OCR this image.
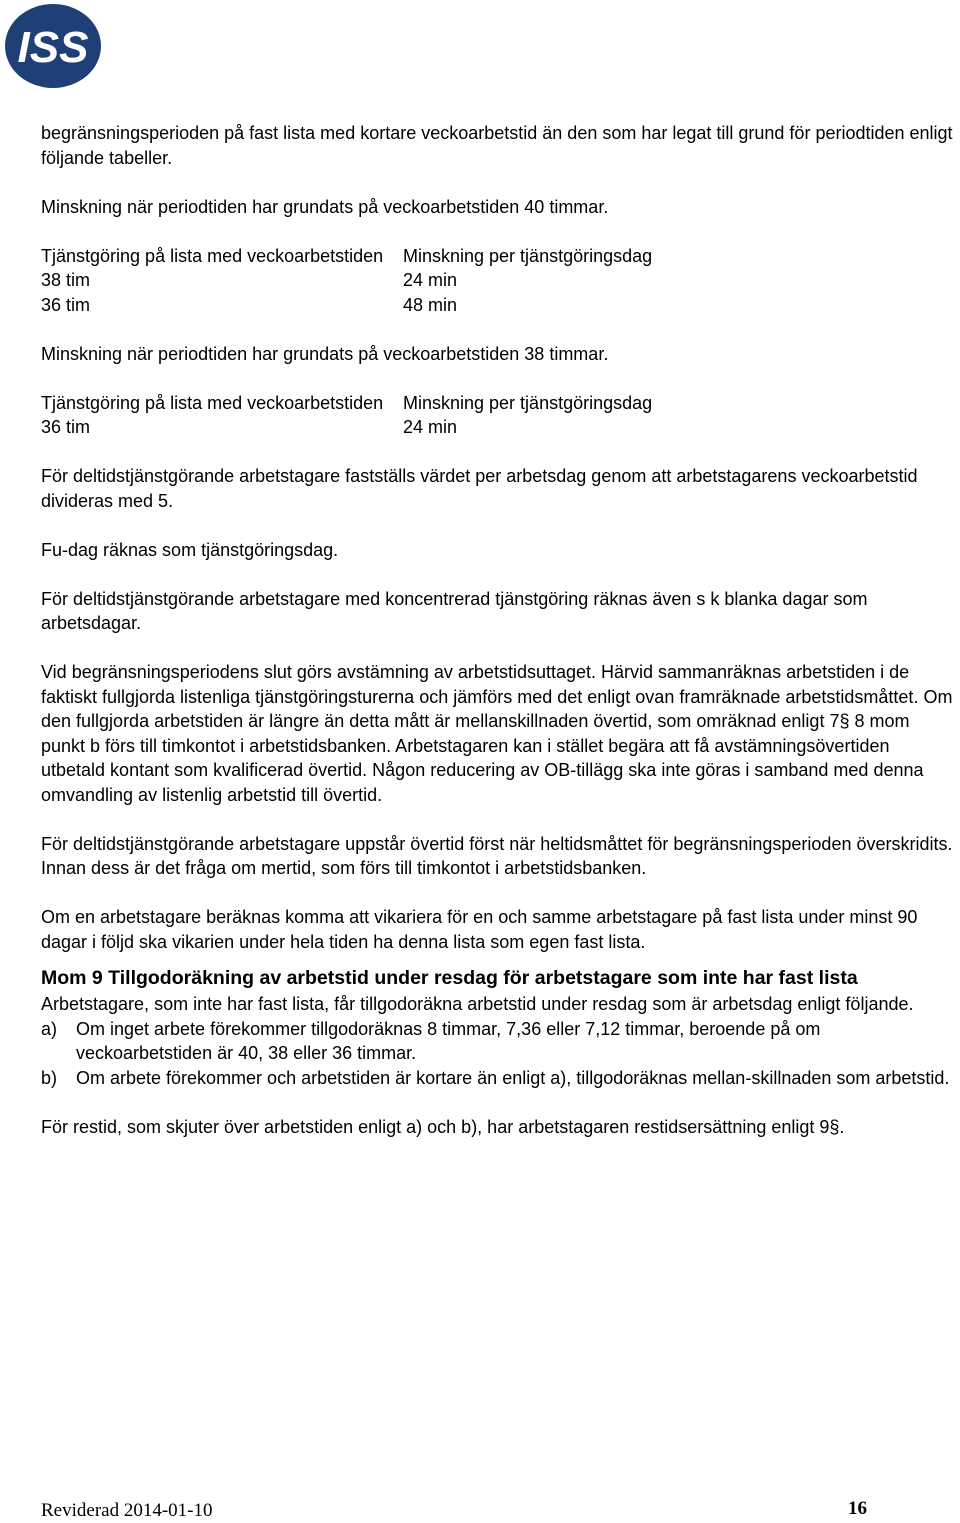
ISS

begränsningsperioden på fast lista med kortare veckoarbetstid än den som har legat till grund för periodtiden enligt följande tabeller.

Minskning när periodtiden har grundats på veckoarbetstiden 40 timmar.

Tjänstgöring på lista med veckoarbetstiden	Minskning per tjänstgöringsdag
38 tim	24 min
36 tim	48 min

Minskning när periodtiden har grundats på veckoarbetstiden 38 timmar.

Tjänstgöring på lista med veckoarbetstiden	Minskning per tjänstgöringsdag
36 tim	24 min

För deltidstjänstgörande arbetstagare fastställs värdet per arbetsdag genom att arbetstagarens veckoarbetstid divideras med 5.

Fu-dag räknas som tjänstgöringsdag.

För deltidstjänstgörande arbetstagare med koncentrerad tjänstgöring räknas även s k blanka dagar som arbetsdagar.

Vid begränsningsperiodens slut görs avstämning av arbetstidsuttaget. Härvid sammanräknas arbetstiden i de faktiskt fullgjorda listenliga tjänstgöringsturerna och jämförs med det enligt ovan framräknade arbetstidsmåttet. Om den fullgjorda arbetstiden är längre än detta mått är mellanskillnaden övertid, som omräknad enligt 7§ 8 mom punkt b förs till timkontot i arbetstidsbanken. Arbetstagaren kan i stället begära att få avstämningsövertiden utbetald kontant som kvalificerad övertid. Någon reducering av OB-tillägg ska inte göras i samband med denna omvandling av listenlig arbetstid till övertid.

För deltidstjänstgörande arbetstagare uppstår övertid först när heltidsmåttet för begränsningsperioden överskridits. Innan dess är det fråga om mertid, som förs till timkontot i arbetstidsbanken.

Om en arbetstagare beräknas komma att vikariera för en och samme arbetstagare på fast lista under minst 90 dagar i följd ska vikarien under hela tiden ha denna lista som egen fast lista.

Mom 9 Tillgodoräkning av arbetstid under resdag för arbetstagare som inte har fast lista

Arbetstagare, som inte har fast lista, får tillgodoräkna arbetstid under resdag som är arbetsdag enligt följande.

a)	Om inget arbete förekommer tillgodoräknas 8 timmar, 7,36 eller 7,12 timmar, beroende på om veckoarbetstiden är 40, 38 eller 36 timmar.
b)	Om arbete förekommer och arbetstiden är kortare än enligt a), tillgodoräknas mellan-skillnaden som arbetstid.

För restid, som skjuter över arbetstiden enligt a) och b), har arbetstagaren restidsersättning enligt 9§.

Reviderad 2014-01-10	16
